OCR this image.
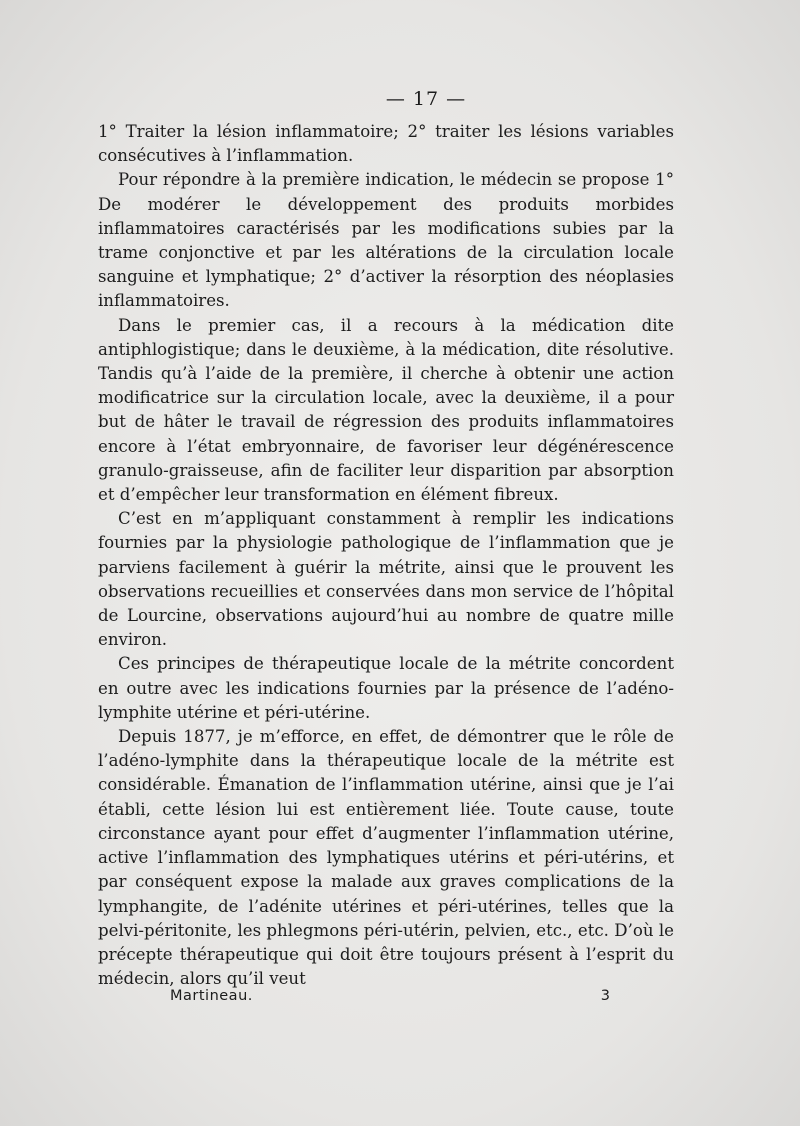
— 17 —

1° Traiter la lésion inflammatoire; 2° traiter les lésions variables consécutives à l’inflammation.

Pour répondre à la première indication, le médecin se propose 1° De modérer le développement des produits morbides inflammatoires caractérisés par les modifications subies par la trame conjonctive et par les altérations de la circulation locale sanguine et lymphatique; 2° d’activer la résorption des néoplasies inflammatoires.

Dans le premier cas, il a recours à la médication dite antiphlogistique; dans le deuxième, à la médication, dite résolutive. Tandis qu’à l’aide de la première, il cherche à obtenir une action modificatrice sur la circulation locale, avec la deuxième, il a pour but de hâter le travail de régression des produits inflammatoires encore à l’état embryonnaire, de favoriser leur dégénérescence granulo-graisseuse, afin de faciliter leur disparition par absorption et d’empêcher leur transformation en élément fibreux.

C’est en m’appliquant constamment à remplir les indications fournies par la physiologie pathologique de l’inflammation que je parviens facilement à guérir la métrite, ainsi que le prouvent les observations recueillies et conservées dans mon service de l’hôpital de Lourcine, observations aujourd’hui au nombre de quatre mille environ.

Ces principes de thérapeutique locale de la métrite concordent en outre avec les indications fournies par la présence de l’adéno-lymphite utérine et péri-utérine.

Depuis 1877, je m’efforce, en effet, de démontrer que le rôle de l’adéno-lymphite dans la thérapeutique locale de la métrite est considérable. Émanation de l’inflammation utérine, ainsi que je l’ai établi, cette lésion lui est entièrement liée. Toute cause, toute circonstance ayant pour effet d’augmenter l’inflammation utérine, active l’inflammation des lymphatiques utérins et péri-utérins, et par conséquent expose la malade aux graves complications de la lymphangite, de l’adénite utérines et péri-utérines, telles que la pelvi-péritonite, les phlegmons péri-utérin, pelvien, etc., etc. D’où le précepte thérapeutique qui doit être toujours présent à l’esprit du médecin, alors qu’il veut

Martineau.	3
